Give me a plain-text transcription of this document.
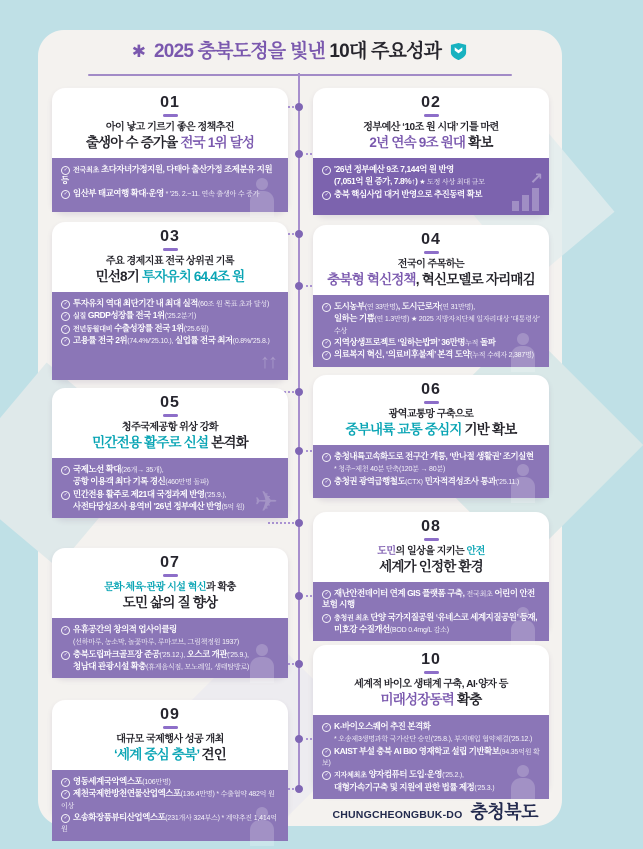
✱ 2025 충북도정을 빛낸 10대 주요성과
01
아이 낳고 기르기 좋은 정책추진
출생아 수 증가율 전국 1위 달성
✓전국최초 초다자녀가정지원, 다태아 출산가정 조제분유 지원 등
✓임산부 태교여행 확대·운영 * '25. 2.~11. 연속 출생아 수 증가
03
주요 경제지표 전국 상위권 기록
민선8기 투자유치 64.4조 원
↑↑
✓투자유치 역대 최단기간 내 최대 실적(60조 원 목표 초과 달성)
✓실질 GRDP성장률 전국 1위('25.2분기)
✓전년동월대비 수출성장률 전국 1위('25.6월)
✓고용률 전국 2위(74.4%/'25.10.), 실업률 전국 최저(0.8%/'25.8.)
05
청주국제공항 위상 강화
민간전용 활주로 신설 본격화
✈
✓국제노선 확대(26개→ 35개),
공항 이용객 최다 기록 경신(460만명 돌파)
✓민간전용 활주로 제21대 국정과제 반영('25.9.),
사전타당성조사 용역비 '26년 정부예산 반영(5억 원)
07
문화·체육·관광 시설 혁신과 확충
도민 삶의 질 향상
✓유휴공간의 창의적 업사이클링
(선하마루, 농소막, 놀꽃마루, 루마코브, 그림책정원 1937)
✓충북도립파크골프장 준공('25.12.), 오스코 개관('25.9.),
청남대 관광시설 확충(휴게음식점, 모노레일, 생태탐방로)
09
대규모 국제행사 성공 개최
‘세계 중심 충북’ 견인
✓영동세계국악엑스포(106만명)
✓제천국제한방천연물산업엑스포(136.4만명) * 수출협약 482억 원 이상
✓오송화장품뷰티산업엑스포(231개사 324부스) * 계약추진 1,414억 원
02
정부예산 ‘10조 원 시대’ 기틀 마련
2년 연속 9조 원대 확보
↗
✓'26년 정부예산 9조 7,144억 원 반영
(7,051억 원 증가, 7.8%↑) ★ 도정 사상 최대 규모
✓충북 핵심사업 대거 반영으로 추진동력 확보
04
전국이 주목하는
충북형 혁신정책, 혁신모델로 자리매김
✓도시농부(연 33만명), 도시근로자(연 31만명),
일하는 기쁨(연 1.3만명) ★ 2025 지방자치단체 일자리대상 '대통령상' 수상
✓지역상생프로젝트 ‘일하는밥퍼’ 36만명누적 돌파
✓의료복지 혁신, ‘의료비후불제’ 본격 도약(누적 수혜자 2,387명)
06
광역교통망 구축으로
중부내륙 교통 중심지 기반 확보
✓충청내륙고속화도로 전구간 개통, ‘반나절 생활권’ 조기실현
* 청주~제천 40분 단축(120분 → 80분)
✓충청권 광역급행철도(CTX) 민자적격성조사 통과('25.11.)
08
도민의 일상을 지키는 안전
세계가 인정한 환경
✓재난안전데이터 연계 GIS 플랫폼 구축, 전국최초 어린이 안전보험 시행
✓충청권 최초 단양 국가지질공원 ‘유네스코 세계지질공원’ 등재,
미호강 수질개선(BOD 0.4mg/L 감소)
10
세계적 바이오 생태계 구축, AI·양자 등
미래성장동력 확충
✓K-바이오스퀘어 추진 본격화
* 오송제3생명과학 국가산단 승인('25.8.), 부지매입 협약체결('25.12.)
✓KAIST 부설 충북 AI BIO 영재학교 설립 기반확보(94.35억원 확보)
✓지자체최초 양자컴퓨터 도입·운영('25.2.),
대형가속기구축 및 지원에 관한 법률 제정('25.3.)
CHUNGCHEONGBUK-DO 충청북도
